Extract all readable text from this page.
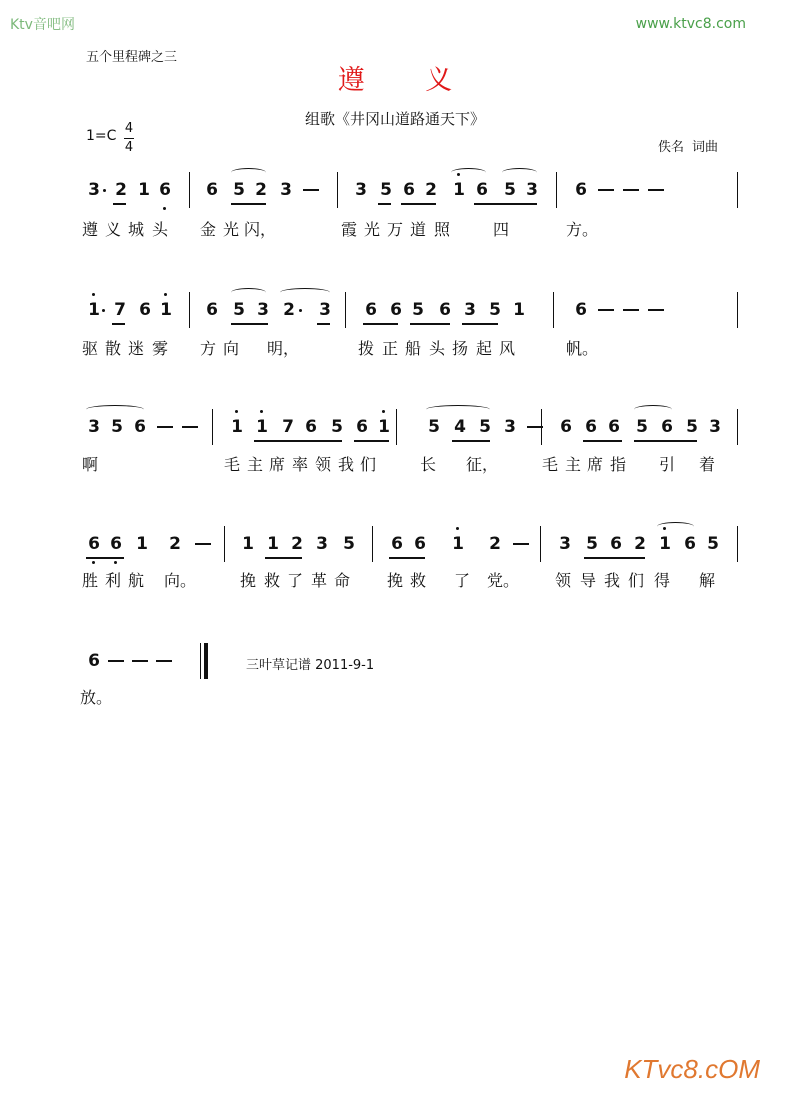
Ktv音吧网	www.ktvc8.com
五个里程碑之三
遵 义
组歌《井冈山道路通天下》
1=C 4
4	佚名 词曲
3 2 1 6 6 5 2 3	3 5 6 2 1 6 5 3 6
遵 义 城 头 金 光 闪，	霞 光 万 道 照	四	方。
1 7 6 1 6 5 3 2 3 6 6 5 6 3 5 1	6
驱 散 迷 雾 方 向 明，	拨 正 船 头 扬 起 风	帆。
3 5 6	1 1 7 6 5 6 1 5 4 5 3	6 6 6 5 6 5 3
啊	毛 主 席 率 领 我 们	长 征，	毛 主 席 指 引 着
6 6 1 2	1 1 2 3 5 6 6 1 2	3 5 6 2 1 6 5
胜 利 航 向。	挽 救 了 革 命 挽 救 了 党。 领 导 我 们 得 解
6
放。
三叶草记谱 2011-9-1
KTvc8.cOM
